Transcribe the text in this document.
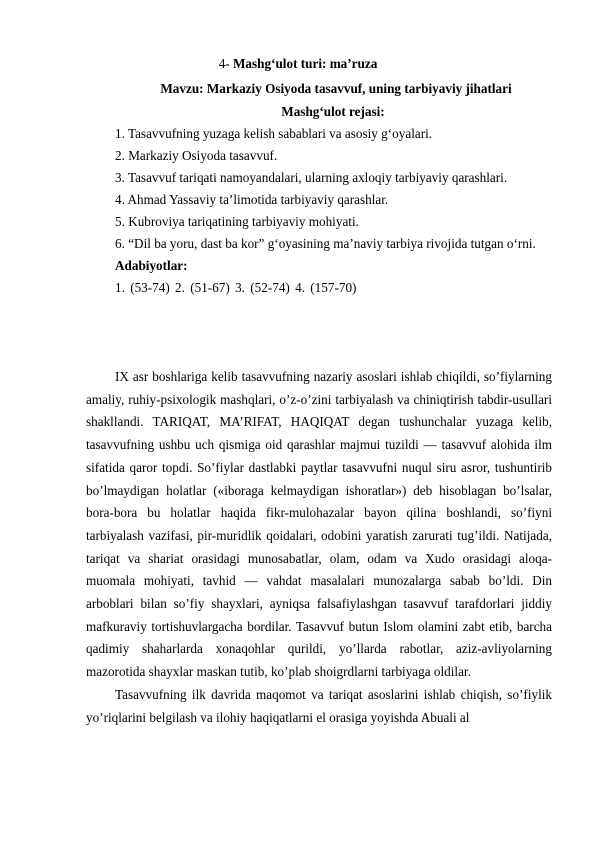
4- Mashg‘ulot turi: ma’ruza
Mavzu: Markaziy Osiyoda tasavvuf, uning tarbiyaviy jihatlari
Mashg‘ulot rejasi:

1. Tasavvufning yuzaga kelish sabablari va asosiy g‘oyalari.

2. Markaziy Osiyoda tasavvuf.

3. Tasavvuf tariqati namoyandalari, ularning axloqiy tarbiyaviy qarashlari.

4. Ahmad Yassaviy ta’limotida tarbiyaviy qarashlar.

5. Kubroviya tariqatining tarbiyaviy mohiyati.

6. “Dil ba yoru, dast ba kor” g‘oyasining ma’naviy tarbiya rivojida tutgan o‘rni.

Adabiyotlar:

1. (53-74) 2. (51-67) 3. (52-74) 4. (157-70)

IX asr boshlariga kelib tasavvufning nazariy asoslari ishlab chiqildi, so’fiylarning amaliy, ruhiy-psixologik mashqlari, o’z-o’zini tarbiyalash va chiniqtirish tabdir-usullari shakllandi. TARIQAT, MA’RIFAT, HAQIQAT degan tushunchalar yuzaga kelib, tasavvufning ushbu uch qismiga oid qarashlar majmui tuzildi — tasavvuf alohida ilm sifatida qaror topdi. So’fiylar dastlabki paytlar tasavvufni nuqul siru asror, tushuntirib bo’lmaydigan holatlar («iboraga kelmaydigan ishoratlar») deb hisoblagan bo’lsalar, bora-bora bu holatlar haqida fikr-mulohazalar bayon qilina boshlandi, so’fiyni tarbiyalash vazifasi, pir-muridlik qoidalari, odobini yaratish zarurati tug’ildi. Natijada, tariqat va shariat orasidagi munosabatlar, olam, odam va Xudo orasidagi aloqa-muomala mohiyati, tavhid — vahdat masalalari munozalarga sabab bo’ldi. Din arboblari bilan so’fiy shayxlari, ayniqsa falsafiylashgan tasavvuf tarafdorlari jiddiy mafkuraviy tortishuvlargacha bordilar. Tasavvuf butun Islom olamini zabt etib, barcha qadimiy shaharlarda xonaqohlar qurildi, yo’llarda rabotlar, aziz-avliyolarning mazorotida shayxlar maskan tutib, ko’plab shoigrdlarni tarbiyaga oldilar.

Tasavvufning ilk davrida maqomot va tariqat asoslarini ishlab chiqish, so’fiylik yo’riqlarini belgilash va ilohiy haqiqatlarni el orasiga yoyishda Abuali al
